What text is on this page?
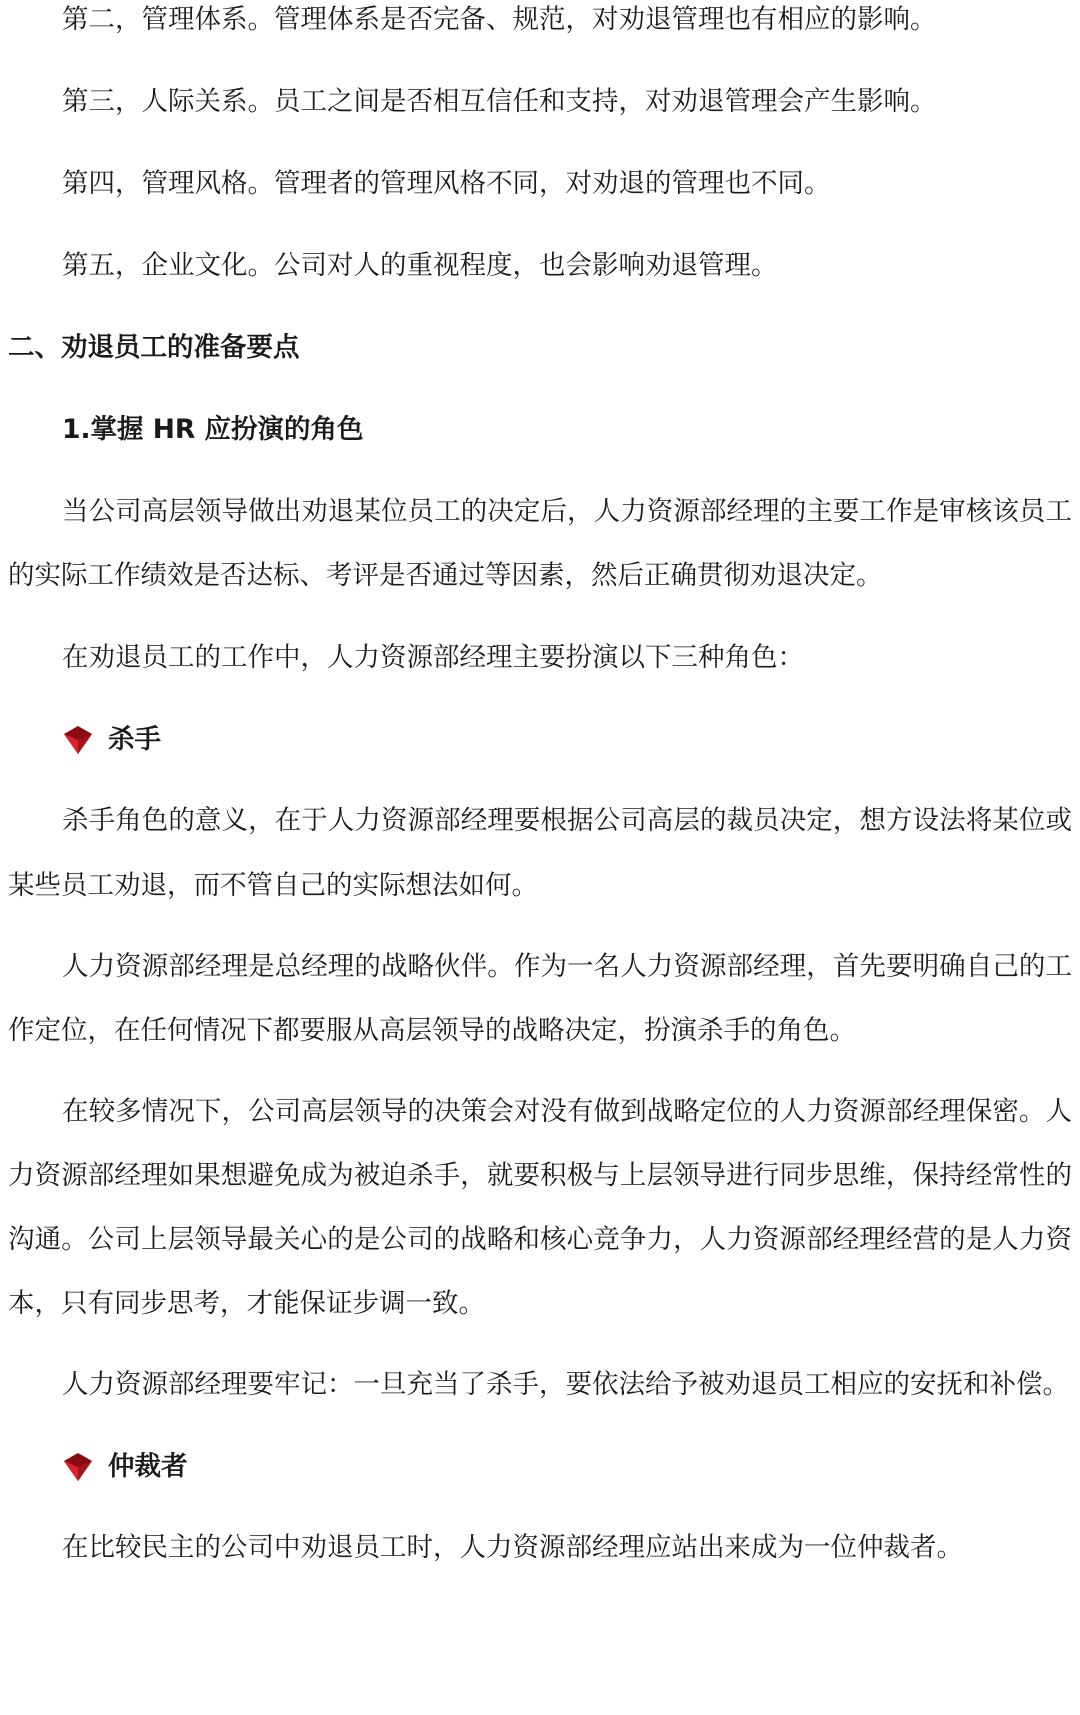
第二，管理体系。管理体系是否完备、规范，对劝退管理也有相应的影响。
第三，人际关系。员工之间是否相互信任和支持，对劝退管理会产生影响。
第四，管理风格。管理者的管理风格不同，对劝退的管理也不同。
第五，企业文化。公司对人的重视程度，也会影响劝退管理。
二、劝退员工的准备要点
1.掌握 HR 应扮演的角色
当公司高层领导做出劝退某位员工的决定后，人力资源部经理的主要工作是审核该员工
的实际工作绩效是否达标、考评是否通过等因素，然后正确贯彻劝退决定。
在劝退员工的工作中，人力资源部经理主要扮演以下三种角色：
杀手
杀手角色的意义，在于人力资源部经理要根据公司高层的裁员决定，想方设法将某位或
某些员工劝退，而不管自己的实际想法如何。
人力资源部经理是总经理的战略伙伴。作为一名人力资源部经理，首先要明确自己的工
作定位，在任何情况下都要服从高层领导的战略决定，扮演杀手的角色。
在较多情况下，公司高层领导的决策会对没有做到战略定位的人力资源部经理保密。人
力资源部经理如果想避免成为被迫杀手，就要积极与上层领导进行同步思维，保持经常性的
沟通。公司上层领导最关心的是公司的战略和核心竞争力，人力资源部经理经营的是人力资
本，只有同步思考，才能保证步调一致。
人力资源部经理要牢记：一旦充当了杀手，要依法给予被劝退员工相应的安抚和补偿。
仲裁者
在比较民主的公司中劝退员工时，人力资源部经理应站出来成为一位仲裁者。
